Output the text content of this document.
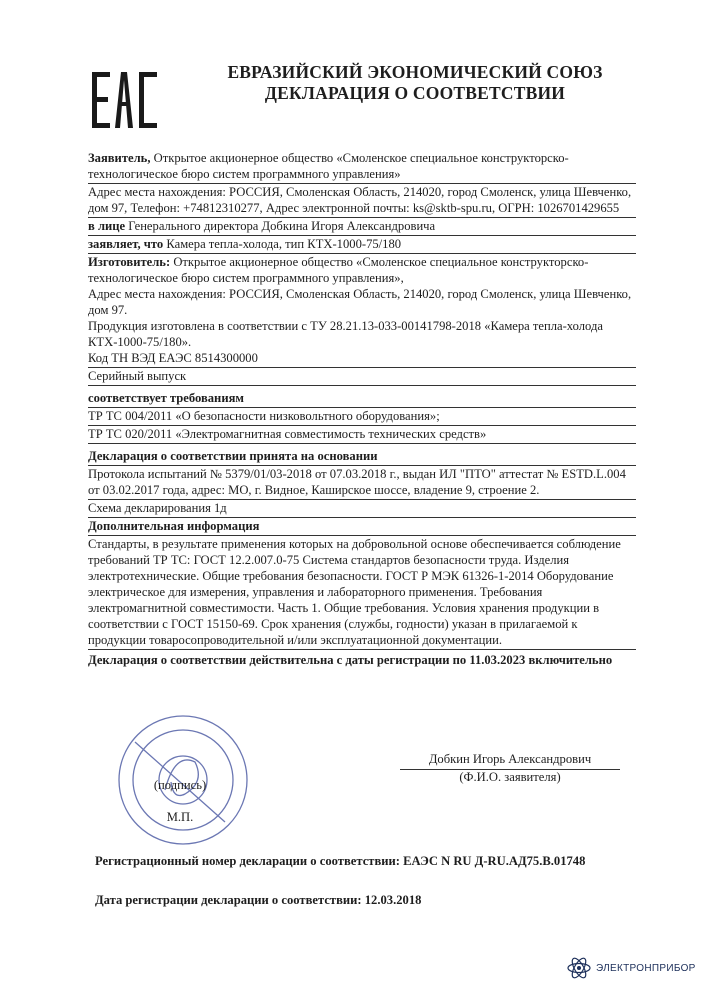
ЕВРАЗИЙСКИЙ ЭКОНОМИЧЕСКИЙ СОЮЗ
ДЕКЛАРАЦИЯ О СООТВЕТСТВИИ
Заявитель, Открытое акционерное общество «Смоленское специальное конструкторско-технологическое бюро систем программного управления»
Адрес места нахождения: РОССИЯ, Смоленская Область, 214020, город Смоленск, улица Шевченко, дом 97, Телефон: +74812310277, Адрес электронной почты: ks@sktb-spu.ru, ОГРН: 1026701429655
в лице Генерального директора Добкина Игоря Александровича
заявляет, что Камера тепла-холода, тип КТХ-1000-75/180
Изготовитель: Открытое акционерное общество «Смоленское специальное конструкторско-технологическое бюро систем программного управления»,
Адрес места нахождения: РОССИЯ, Смоленская Область, 214020, город Смоленск, улица Шевченко, дом 97.
Продукция изготовлена в соответствии с ТУ 28.21.13-033-00141798-2018 «Камера тепла-холода КТХ-1000-75/180».
Код ТН ВЭД ЕАЭС 8514300000
Серийный выпуск
соответствует требованиям
ТР ТС 004/2011 «О безопасности низковольтного оборудования»;
ТР ТС 020/2011 «Электромагнитная совместимость технических средств»
Декларация о соответствии принята на основании
Протокола испытаний № 5379/01/03-2018 от 07.03.2018 г., выдан ИЛ "ПТО" аттестат № ESTD.L.004 от 03.02.2017 года, адрес: МО, г. Видное, Каширское шоссе, владение 9, строение 2.
Схема декларирования 1д
Дополнительная информация
Стандарты, в результате применения которых на добровольной основе обеспечивается соблюдение требований ТР ТС: ГОСТ 12.2.007.0-75 Система стандартов безопасности труда. Изделия электротехнические. Общие требования безопасности. ГОСТ Р МЭК 61326-1-2014 Оборудование электрическое для измерения, управления и лабораторного применения. Требования электромагнитной совместимости. Часть 1. Общие требования. Условия хранения продукции в соответствии с ГОСТ 15150-69. Срок хранения (службы, годности) указан в прилагаемой к продукции товаросопроводительной и/или эксплуатационной документации.
Декларация о соответствии действительна с даты регистрации по 11.03.2023 включительно
(подпись)
М.П.
Добкин Игорь Александрович
(Ф.И.О. заявителя)
Регистрационный номер декларации о соответствии: ЕАЭС N RU Д-RU.АД75.В.01748
Дата регистрации декларации о соответствии: 12.03.2018
ЭЛЕКТРОНПРИБОР
